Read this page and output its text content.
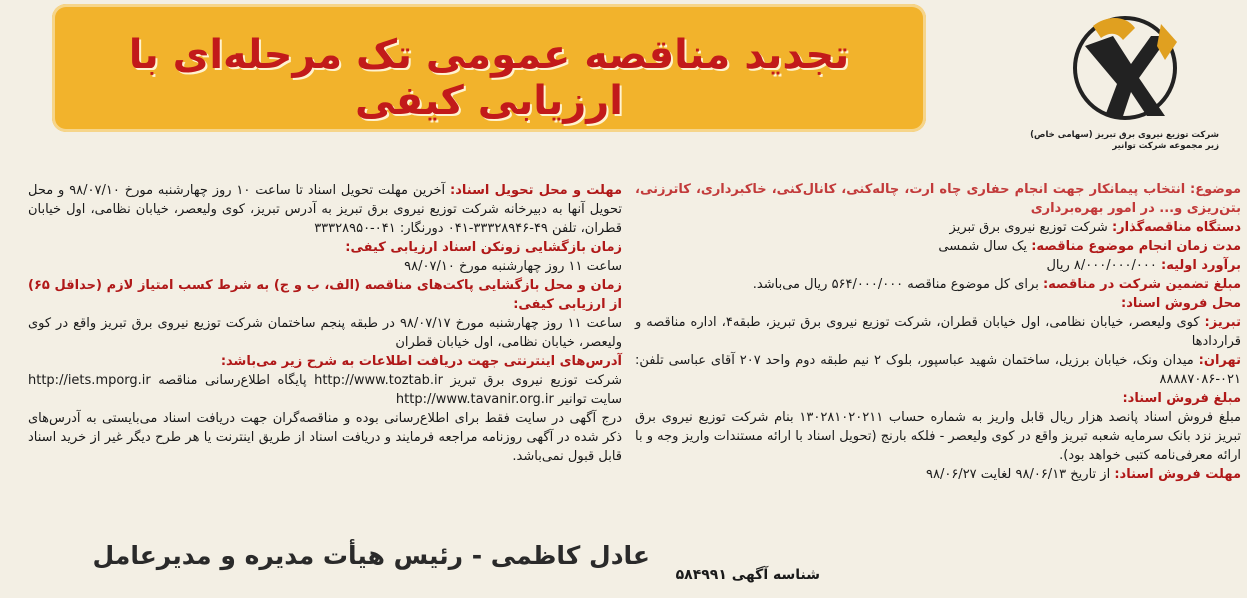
تجدید مناقصه عمومی تک مرحله‌ای با ارزیابی کیفی
شرکت توزیع نیروی برق تبریز (سهامی خاص)
زیر مجموعه شرکت توانیر
موضوع: انتخاب پیمانکار جهت انجام حفاری چاه ارت، چاله‌کنی، کانال‌کنی، خاکبرداری، کاترزنی، بتن‌ریزی و... در امور بهره‌برداری
دستگاه مناقصه‌گذار: شرکت توزیع نیروی برق تبریز
مدت زمان انجام موضوع مناقصه: یک سال شمسی
برآورد اولیه: ۸/۰۰۰/۰۰۰/۰۰۰ ریال
مبلغ تضمین شرکت در مناقصه: برای کل موضوع مناقصه ۵۶۴/۰۰۰/۰۰۰ ریال می‌باشد.
محل فروش اسناد:
تبریز: کوی ولیعصر، خیابان نظامی، اول خیابان قطران، شرکت توزیع نیروی برق تبریز، طبقه۴، اداره مناقصه و قراردادها
تهران: میدان ونک، خیابان برزیل، ساختمان شهید عباسپور، بلوک ۲ نیم طبقه دوم واحد ۲۰۷ آقای عباسی تلفن: ۰۲۱-۸۸۸۸۷۰۸۶
مبلغ فروش اسناد:
مبلغ فروش اسناد پانصد هزار ریال قابل واریز به شماره حساب ۱۳۰۲۸۱۰۲۰۲۱۱ بنام شرکت توزیع نیروی برق تبریز نزد بانک سرمایه شعبه تبریز واقع در کوی ولیعصر - فلکه بارنج (تحویل اسناد با ارائه مستندات واریز وجه و با ارائه معرفی‌نامه کتبی خواهد بود).
مهلت فروش اسناد: از تاریخ ۹۸/۰۶/۱۳ لغایت ۹۸/۰۶/۲۷
مهلت و محل تحویل اسناد: آخرین مهلت تحویل اسناد تا ساعت ۱۰ روز چهارشنبه مورخ ۹۸/۰۷/۱۰ و محل تحویل آنها به دبیرخانه شرکت توزیع نیروی برق تبریز به آدرس تبریز، کوی ولیعصر، خیابان نظامی، اول خیابان قطران، تلفن ۴۹-۳۳۳۲۸۹۴۶-۰۴۱ دورنگار: ۰۴۱-۳۳۳۲۸۹۵۰
زمان بازگشایی زونکن اسناد ارزیابی کیفی:
ساعت ۱۱ روز چهارشنبه مورخ ۹۸/۰۷/۱۰
زمان و محل بازگشایی پاکت‌های مناقصه (الف، ب و ج) به شرط کسب امتیاز لازم (حداقل ۶۵) از ارزیابی کیفی:
ساعت ۱۱ روز چهارشنبه مورخ ۹۸/۰۷/۱۷ در طبقه پنجم ساختمان شرکت توزیع نیروی برق تبریز واقع در کوی ولیعصر، خیابان نظامی، اول خیابان قطران
آدرس‌های اینترنتی جهت دریافت اطلاعات به شرح زیر می‌باشد:
شرکت توزیع نیروی برق تبریز http://www.toztab.ir پایگاه اطلاع‌رسانی مناقصه http://iets.mporg.ir سایت توانیر http://www.tavanir.org.ir
درج آگهی در سایت فقط برای اطلاع‌رسانی بوده و مناقصه‌گران جهت دریافت اسناد می‌بایستی به آدرس‌های ذکر شده در آگهی روزنامه مراجعه فرمایند و دریافت اسناد از طریق اینترنت یا هر طرح دیگر غیر از خرید اسناد قابل قبول نمی‌باشد.
عادل کاظمی - رئیس هیأت مدیره و مدیرعامل
شناسه آگهی ۵۸۴۹۹۱
